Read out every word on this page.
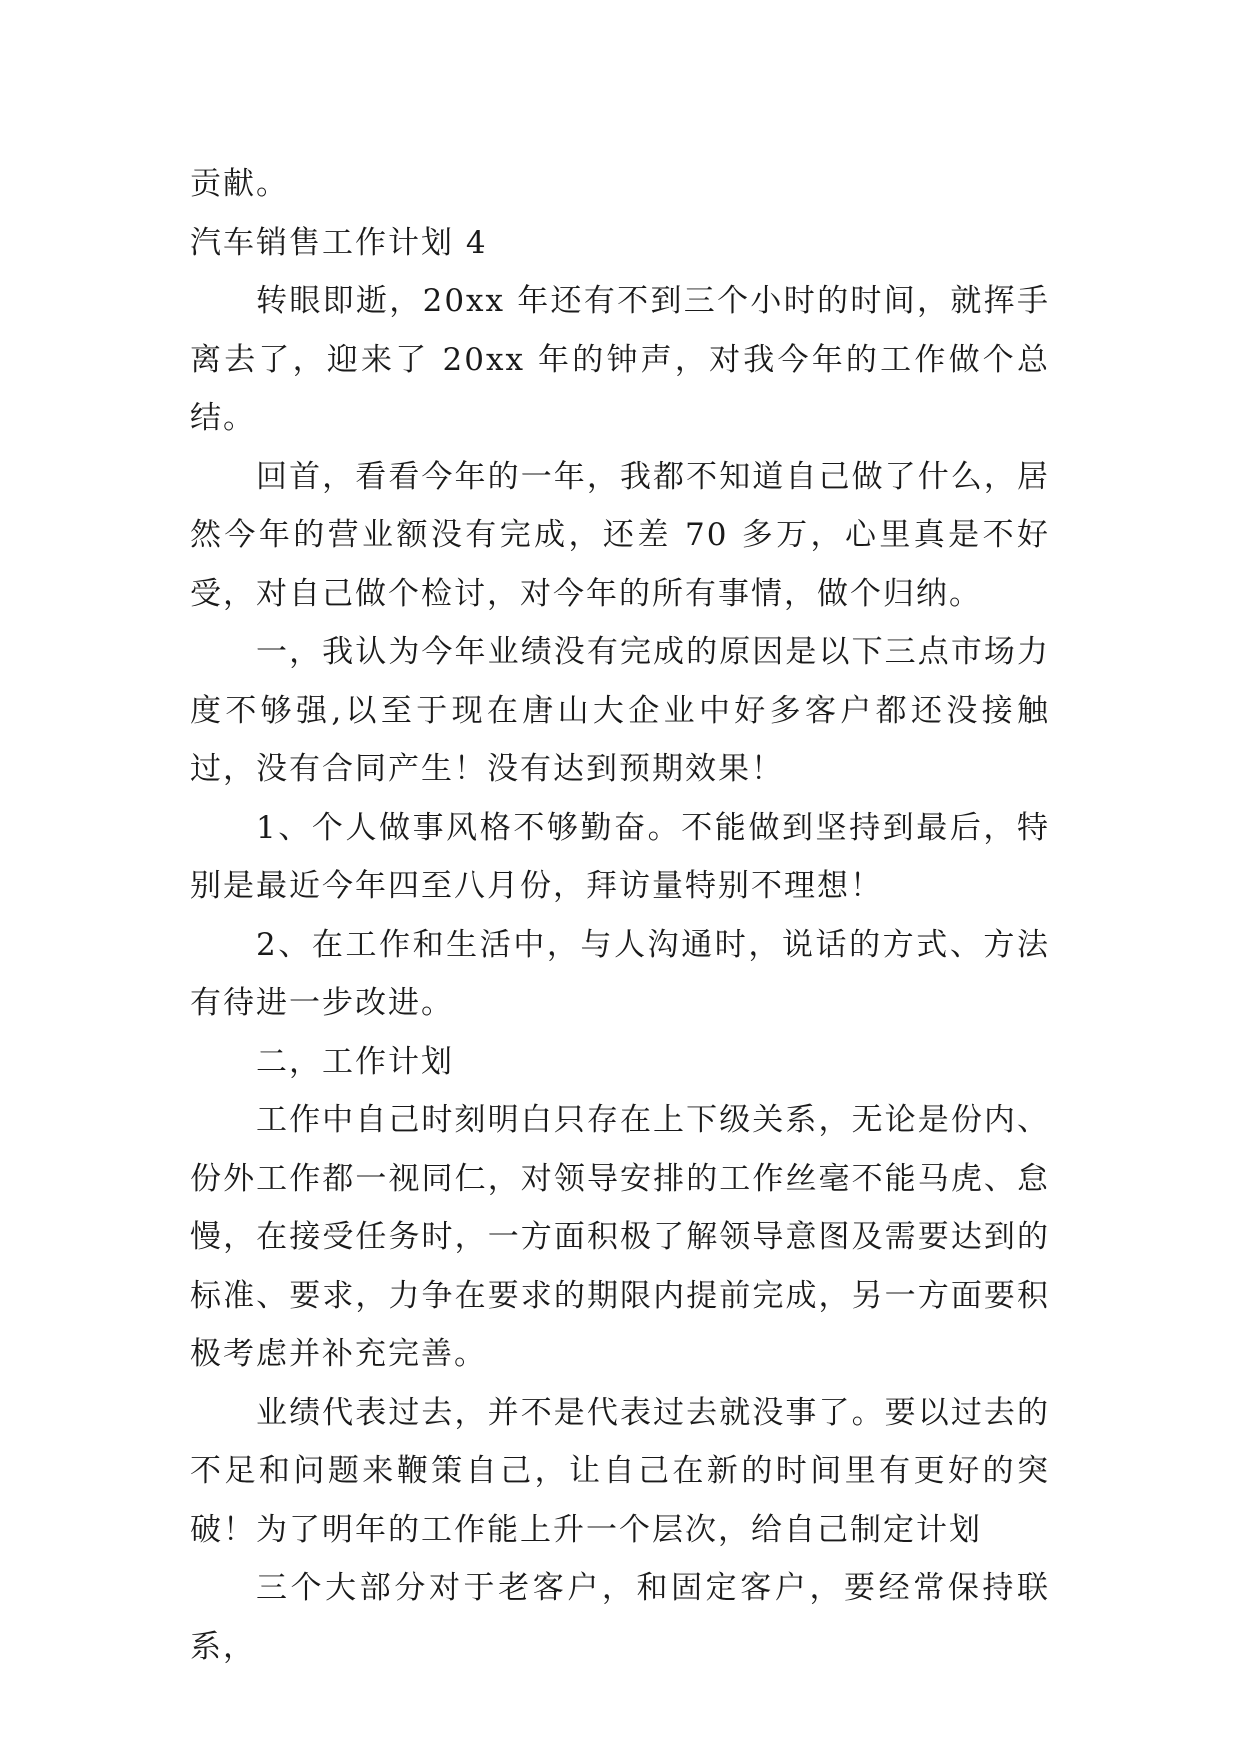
贡献。

汽车销售工作计划 4

转眼即逝，20xx 年还有不到三个小时的时间，就挥手离去了，迎来了 20xx 年的钟声，对我今年的工作做个总结。

回首，看看今年的一年，我都不知道自己做了什么，居然今年的营业额没有完成，还差 70 多万，心里真是不好受，对自己做个检讨，对今年的所有事情，做个归纳。

一，我认为今年业绩没有完成的原因是以下三点市场力度不够强,以至于现在唐山大企业中好多客户都还没接触过，没有合同产生！没有达到预期效果！

1、个人做事风格不够勤奋。不能做到坚持到最后，特别是最近今年四至八月份，拜访量特别不理想！

2、在工作和生活中，与人沟通时，说话的方式、方法有待进一步改进。

二，工作计划

工作中自己时刻明白只存在上下级关系，无论是份内、份外工作都一视同仁，对领导安排的工作丝毫不能马虎、怠慢，在接受任务时，一方面积极了解领导意图及需要达到的标准、要求，力争在要求的期限内提前完成，另一方面要积极考虑并补充完善。

业绩代表过去，并不是代表过去就没事了。要以过去的不足和问题来鞭策自己，让自己在新的时间里有更好的突破！为了明年的工作能上升一个层次，给自己制定计划

三个大部分对于老客户，和固定客户，要经常保持联系，
